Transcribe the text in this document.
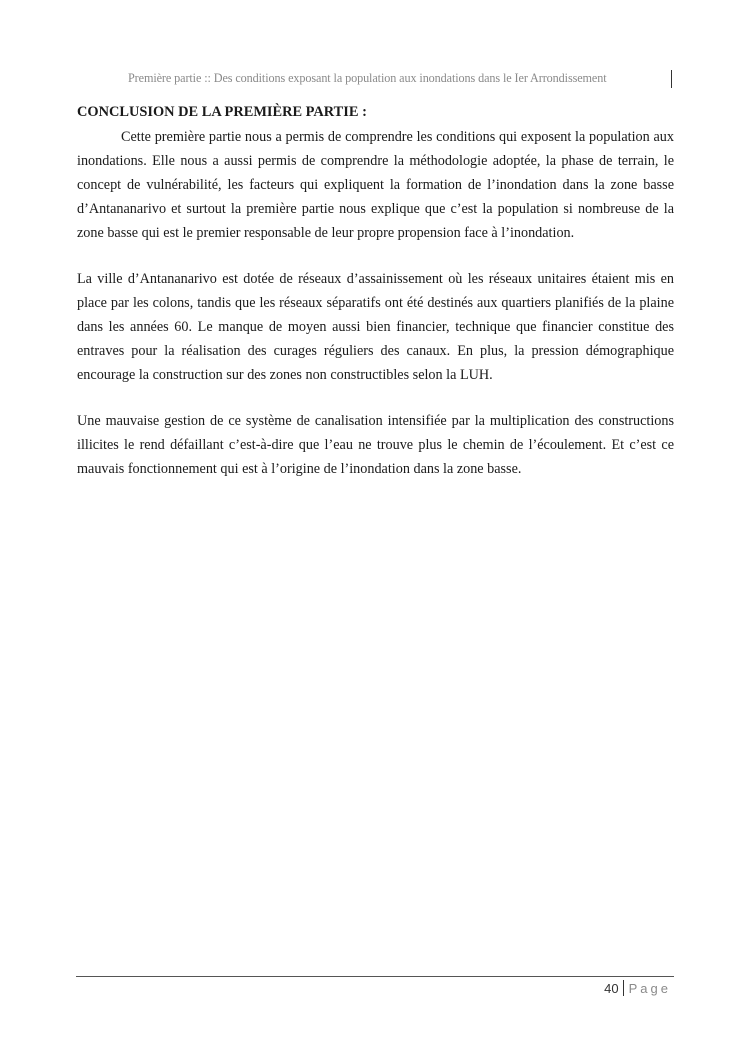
Première partie :: Des conditions exposant la population aux inondations dans le Ier Arrondissement

CONCLUSION DE LA PREMIÈRE PARTIE :

Cette première partie nous a permis de comprendre les conditions qui exposent la population aux inondations. Elle nous a aussi permis de comprendre la méthodologie adoptée, la phase de terrain, le concept de vulnérabilité, les facteurs qui expliquent la formation de l’inondation dans la zone basse d’Antananarivo et surtout la première partie nous explique que c’est la population si nombreuse de la zone basse qui est le premier responsable de leur propre propension face à l’inondation.

La ville d’Antananarivo est dotée de réseaux d’assainissement où les réseaux unitaires étaient mis en place par les colons, tandis que les réseaux séparatifs ont été destinés aux quartiers planifiés de la plaine dans les années 60. Le manque de moyen aussi bien financier, technique que financier constitue des entraves pour la réalisation des curages réguliers des canaux. En plus, la pression démographique encourage la construction sur des zones non constructibles selon la LUH.

Une mauvaise gestion de ce système de canalisation intensifiée par la multiplication des constructions illicites le rend défaillant c’est-à-dire que l’eau ne trouve plus le chemin de l’écoulement. Et c’est ce mauvais fonctionnement qui est à l’origine de l’inondation dans la zone basse.

40 Page
